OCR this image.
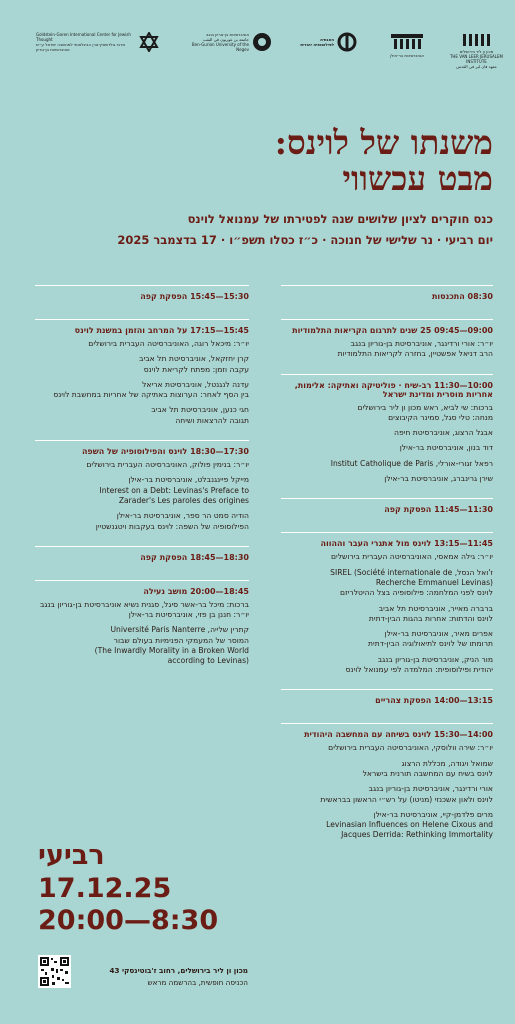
Goldstein-Goren International Center for Jewish Thought
מרכז גולדשטיין-גורן הבינלאומי למחשבה ישראל ע״ש אוניברסיטת בן-גוריון
אוניברסיטת בן-גוריון בנגב
جامعة بن غوريون في النقب
Ben-Gurion University of the Negev
האגודה
לפילוסופיה יהודית
אוניברסיטת בר-אילן
מכון ון ליר בירושלים
THE VAN LEER JERUSALEM INSTITUTE
معهد فان لير في القدس
משנתו של לוינס:
מבט עכשווי
כנס חוקרים לציון שלושים שנה לפטירתו של עמנואל לוינס
יום רביעי · נר שלישי של חנוכה · כ״ז כסלו תשפ״ו · 17 בדצמבר 2025
08:30 התכנסות
09:00—09:45 25 שנים לתרגום הקריאות התלמודיות
יו״ר: אורי ורדינגר, אוניברסיטת בן-גוריון בנגב
הרב דניאל אפשטיין, בחזרה לקריאות התלמודיות
10:00—11:30 רב-שיח · פוליטיקה ואתיקה: אלימות, אחריות מוסרית ומדינת ישראל
ברכות: שי לביא, ראש מכון ון ליר בירושלים
מנחה: טלי סגל, סמינר הקיבוצים
אבגל הרצוג, אוניברסיטת חיפה
דוד בנון, אוניברסיטת בר-אילן
רפאל זגורי-אורלי, Institut Catholique de Paris
שירן גרינברג, אוניברסיטת בר-אילן
11:30—11:45 הפסקת קפה
11:45—13:15 לוינס מול אתגרי העבר וההווה
יו״ר: גילה אמאסי, האוניברסיטה העברית בירושלים
ז'ואל הנסל, SIREL (Société internationale de
Recherche Emmanuel Levinas)
לוינס לפני המלחמה: פילוסופיה בצל ההיטלריזם
ברברה מאייר, אוניברסיטת תל אביב
לוינס והדתות: אחרות בהגות הבין-דתית
אפרים מאיר, אוניברסיטת בר-אילן
תרומתו של לוינס לתיאולוגיה הבין-דתית
מור הניק, אוניברסיטת בן-גוריון בנגב
יהודית ופילוסופית: המלמדה לפי עמנואל לוינס
13:15—14:00 הפסקת צהריים
14:00—15:30 לוינס בשיחה עם המחשבה היהודית
יו״ר: שירה וולוסקי, האוניברסיטה העברית בירושלים
שמואל ויגודה, מכללת הרצוג
לוינס בשיח עם המחשבה תורנית בישראל
אורי ורדינגר, אוניברסיטת בן-גוריון בנגב
לוינס ולאון אשכנזי (מניטו) על רש״י הראשון בבראשית
מרים פלדמן-קיי, אוניברסיטת בר-אילן
Levinasian Influences on Helene Cixous and
Jacques Derrida: Rethinking Immortality
15:30—15:45 הפסקת קפה
15:45—17:15 על המרחב והזמן במשנת לוינס
יו״ר: מיכאל רוגה, האוניברסיטה העברית בירושלים
קרן יחזקאל, אוניברסיטת תל אביב
עקבה וזמן: מפתח לקריאת לוינס
עדנה לנגנטל, אוניברסיטת אריאל
בין הסף לאחר: הערוצות באתיקה של אחריות במחשבת לוינס
חגי כנען, אוניברסיטת תל אביב
תגובה להרצאות ושיחה
17:30—18:30 לוינס והפילוסופיה של השפה
יו״ר: בנימין פולוק, האוניברסיטה העברית בירושלים
מייקל פיינגנבלט, אוניברסיטת בר-אילן
Interest on a Debt: Levinas's Preface to
Zarader's Les paroles des origines
הודיה סמט הר ספר, אוניברסיטת בר-אילן
הפילוסופיה של השפה: לוינס בעקבות ויטגנשטיין
18:30—18:45 הפסקת קפה
18:45—20:00 מושב נעילה
ברכות: מיכל בר-אשר סיגל, סגנית נשיא אוניברסיטת בן-גוריון בנגב
יו״ר: חננן בן פזי, אוניברסיטת בר-אילן
קתרין שלייה, Université Paris Nanterre
המוסר של המעמקי הפנימיות בעולם שבור
(The Inwardly Morality in a Broken World
according to Levinas)
רביעי
17.12.25
20:00—8:30
מכון ון ליר בירושלים, רחוב ז'בוטינסקי 43
הכניסה חופשית, בהרשמה מראש
